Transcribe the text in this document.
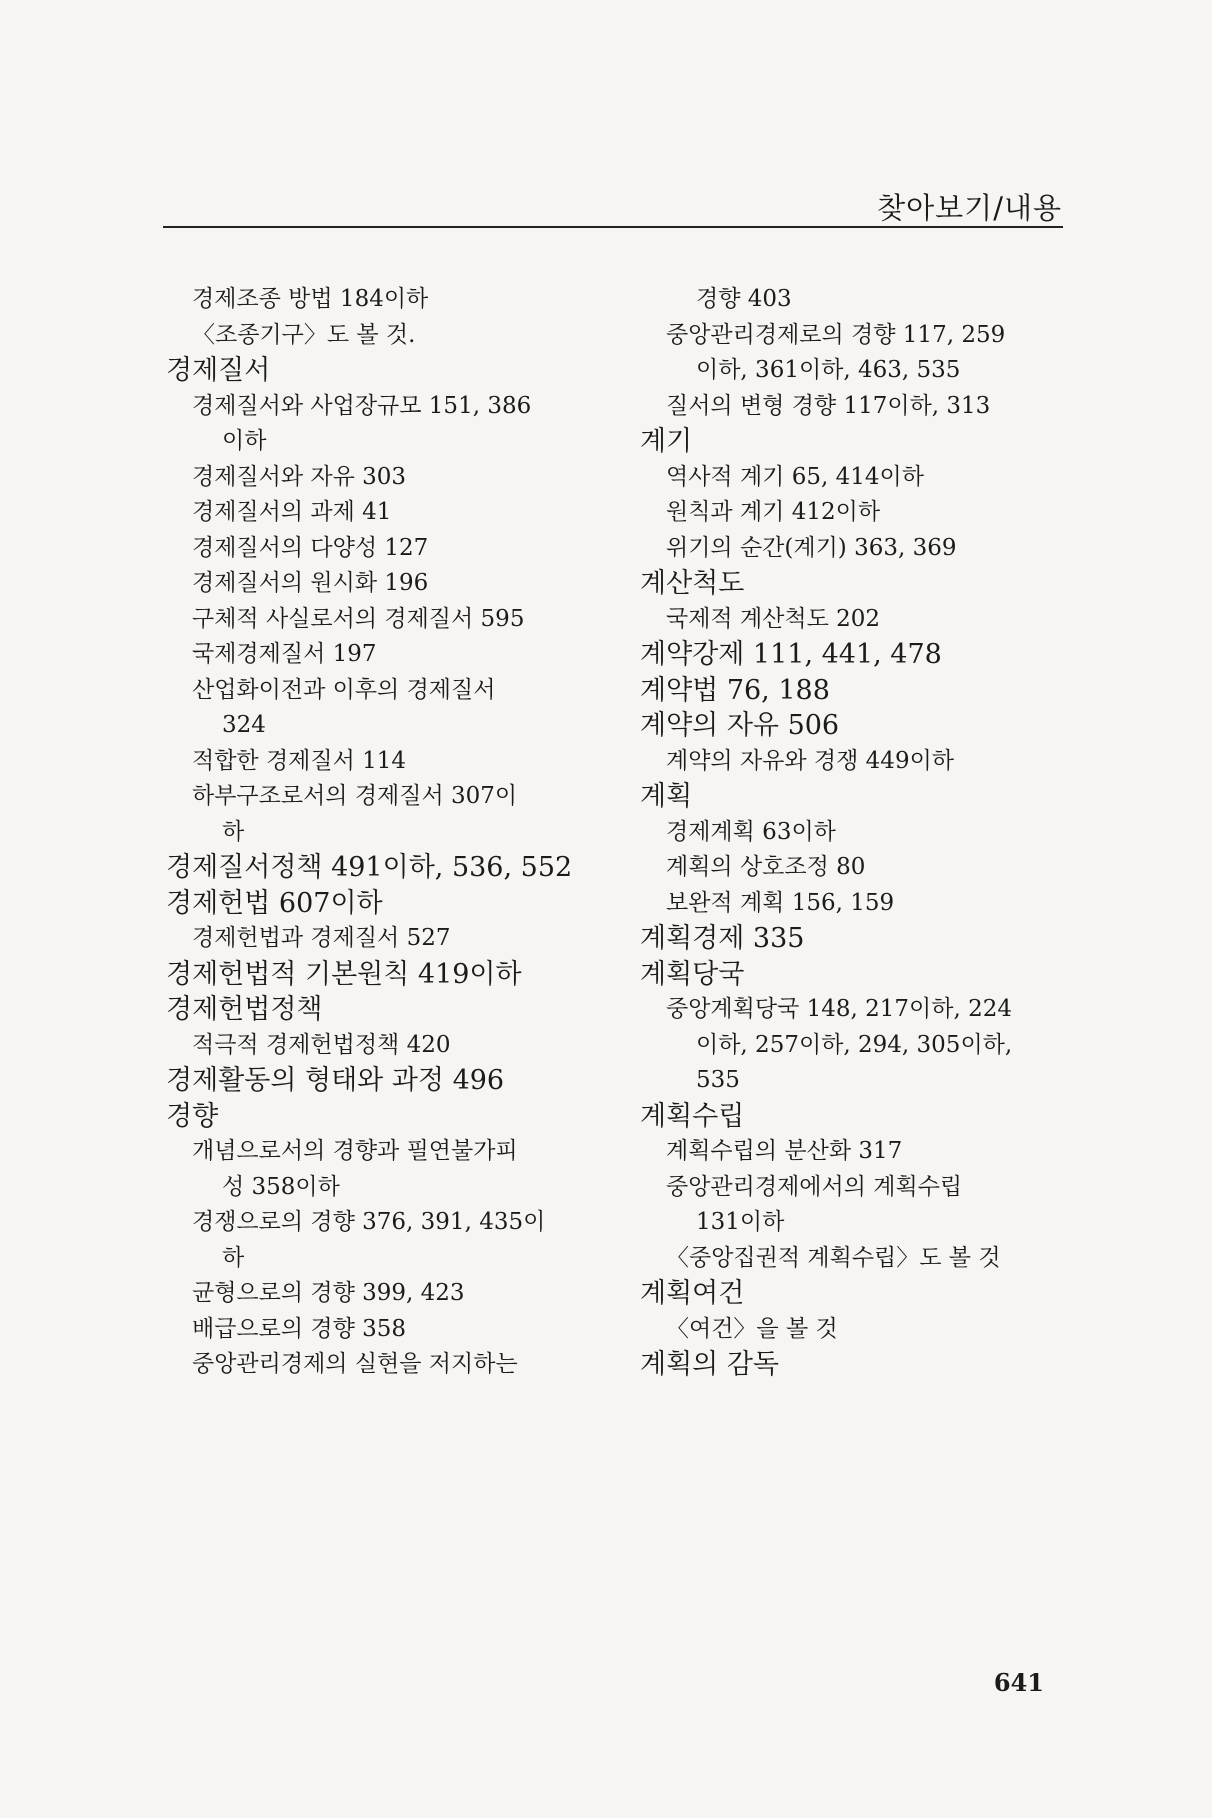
찾아보기/내용
경제조종 방법 184이하
〈조종기구〉도 볼 것.
경제질서
경제질서와 사업장규모 151, 386
이하
경제질서와 자유 303
경제질서의 과제 41
경제질서의 다양성 127
경제질서의 원시화 196
구체적 사실로서의 경제질서 595
국제경제질서 197
산업화이전과 이후의 경제질서
324
적합한 경제질서 114
하부구조로서의 경제질서 307이
하
경제질서정책 491이하, 536, 552
경제헌법 607이하
경제헌법과 경제질서 527
경제헌법적 기본원칙 419이하
경제헌법정책
적극적 경제헌법정책 420
경제활동의 형태와 과정 496
경향
개념으로서의 경향과 필연불가피
성 358이하
경쟁으로의 경향 376, 391, 435이
하
균형으로의 경향 399, 423
배급으로의 경향 358
중앙관리경제의 실현을 저지하는
경향 403
중앙관리경제로의 경향 117, 259
이하, 361이하, 463, 535
질서의 변형 경향 117이하, 313
계기
역사적 계기 65, 414이하
원칙과 계기 412이하
위기의 순간(계기) 363, 369
계산척도
국제적 계산척도 202
계약강제 111, 441, 478
계약법 76, 188
계약의 자유 506
계약의 자유와 경쟁 449이하
계획
경제계획 63이하
계획의 상호조정 80
보완적 계획 156, 159
계획경제 335
계획당국
중앙계획당국 148, 217이하, 224
이하, 257이하, 294, 305이하,
535
계획수립
계획수립의 분산화 317
중앙관리경제에서의 계획수립
131이하
〈중앙집권적 계획수립〉도 볼 것
계획여건
〈여건〉을 볼 것
계획의 감독
641
